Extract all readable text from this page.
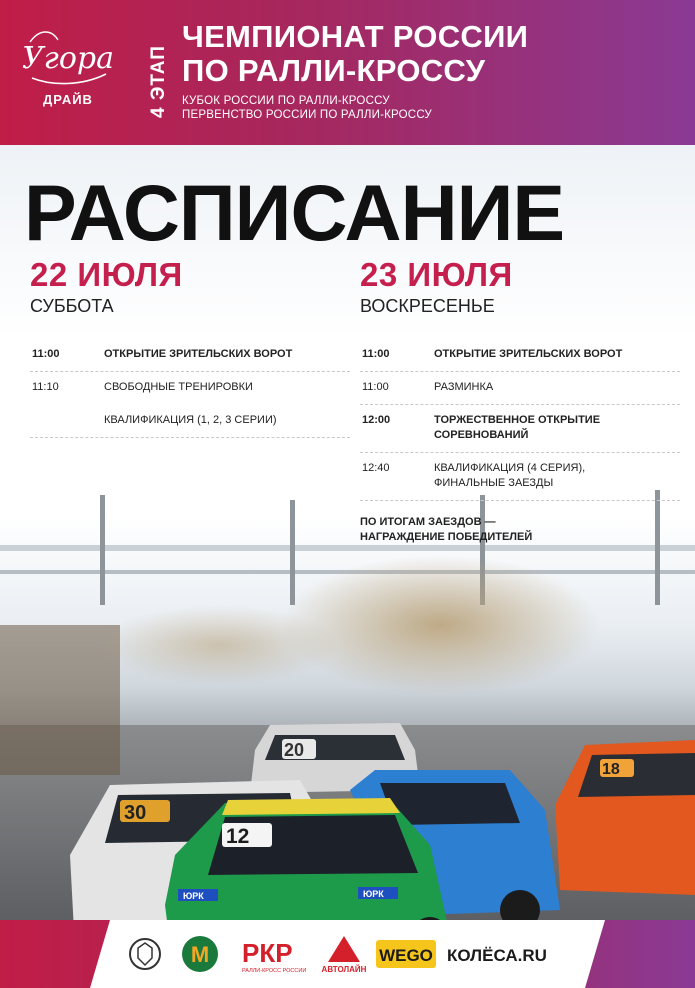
Угора
ДРАЙВ	4 ЭТАП
ЧЕМПИОНАТ РОССИИ
ПО РАЛЛИ-КРОССУ
КУБОК РОССИИ ПО РАЛЛИ-КРОССУ
ПЕРВЕНСТВО РОССИИ ПО РАЛЛИ-КРОССУ
20
18
30
12
ЮРК	ЮРК
РАСПИСАНИЕ
22 ИЮЛЯ
СУББОТА
11:00	ОТКРЫТИЕ ЗРИТЕЛЬСКИХ ВОРОТ
11:10	СВОБОДНЫЕ ТРЕНИРОВКИ
КВАЛИФИКАЦИЯ (1, 2, 3 СЕРИИ)
23 ИЮЛЯ
ВОСКРЕСЕНЬЕ
11:00	ОТКРЫТИЕ ЗРИТЕЛЬСКИХ ВОРОТ
11:00	РАЗМИНКА
12:00	ТОРЖЕСТВЕННОЕ ОТКРЫТИЕ СОРЕВНОВАНИЙ
12:40	КВАЛИФИКАЦИЯ (4 СЕРИЯ), ФИНАЛЬНЫЕ ЗАЕЗДЫ
ПО ИТОГАМ ЗАЕЗДОВ —
НАГРАЖДЕНИЕ ПОБЕДИТЕЛЕЙ
М РКР
РАЛЛИ-КРОСС РОССИИ АВТОЛАЙН
WEGO КОЛЁСА.RU
